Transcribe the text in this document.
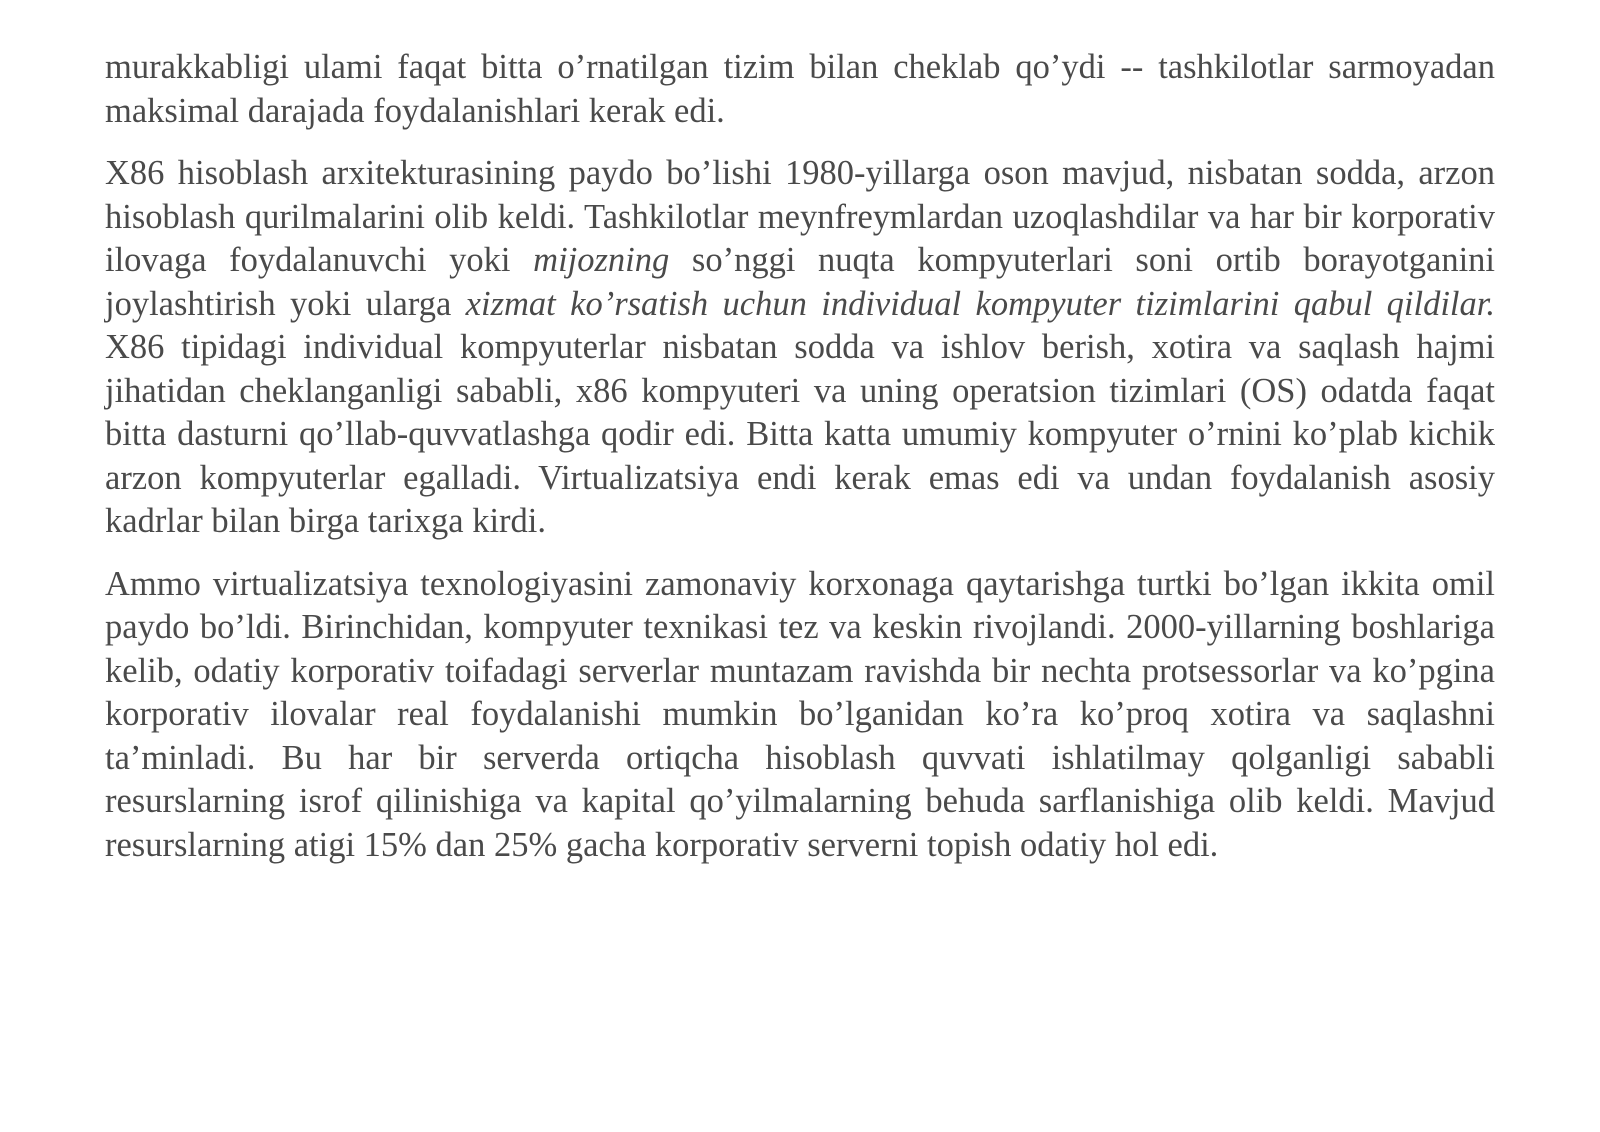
murakkabligi ulami faqat bitta o’rnatilgan tizim bilan cheklab qo’ydi -- tashkilotlar sarmoyadan maksimal darajada foydalanishlari kerak edi.

X86 hisoblash arxitekturasining paydo bo’lishi 1980-yillarga oson mavjud, nisbatan sodda, arzon hisoblash qurilmalarini olib keldi. Tashkilotlar meynfreymlardan uzoqlashdilar va har bir korporativ ilovaga foydalanuvchi yoki mijozning so’nggi nuqta kompyuterlari soni ortib borayotganini joylashtirish yoki ularga xizmat ko’rsatish uchun individual kompyuter tizimlarini qabul qildilar. X86 tipidagi individual kompyuterlar nisbatan sodda va ishlov berish, xotira va saqlash hajmi jihatidan cheklanganligi sababli, x86 kompyuteri va uning operatsion tizimlari (OS) odatda faqat bitta dasturni qo’llab-quvvatlashga qodir edi. Bitta katta umumiy kompyuter o’rnini ko’plab kichik arzon kompyuterlar egalladi. Virtualizatsiya endi kerak emas edi va undan foydalanish asosiy kadrlar bilan birga tarixga kirdi.

Ammo virtualizatsiya texnologiyasini zamonaviy korxonaga qaytarishga turtki bo’lgan ikkita omil paydo bo’ldi. Birinchidan, kompyuter texnikasi tez va keskin rivojlandi. 2000-yillarning boshlariga kelib, odatiy korporativ toifadagi serverlar muntazam ravishda bir nechta protsessorlar va ko’pgina korporativ ilovalar real foydalanishi mumkin bo’lganidan ko’ra ko’proq xotira va saqlashni ta’minladi. Bu har bir serverda ortiqcha hisoblash quvvati ishlatilmay qolganligi sababli resurslarning isrof qilinishiga va kapital qo’yilmalarning behuda sarflanishiga olib keldi. Mavjud resurslarning atigi 15% dan 25% gacha korporativ serverni topish odatiy hol edi.
